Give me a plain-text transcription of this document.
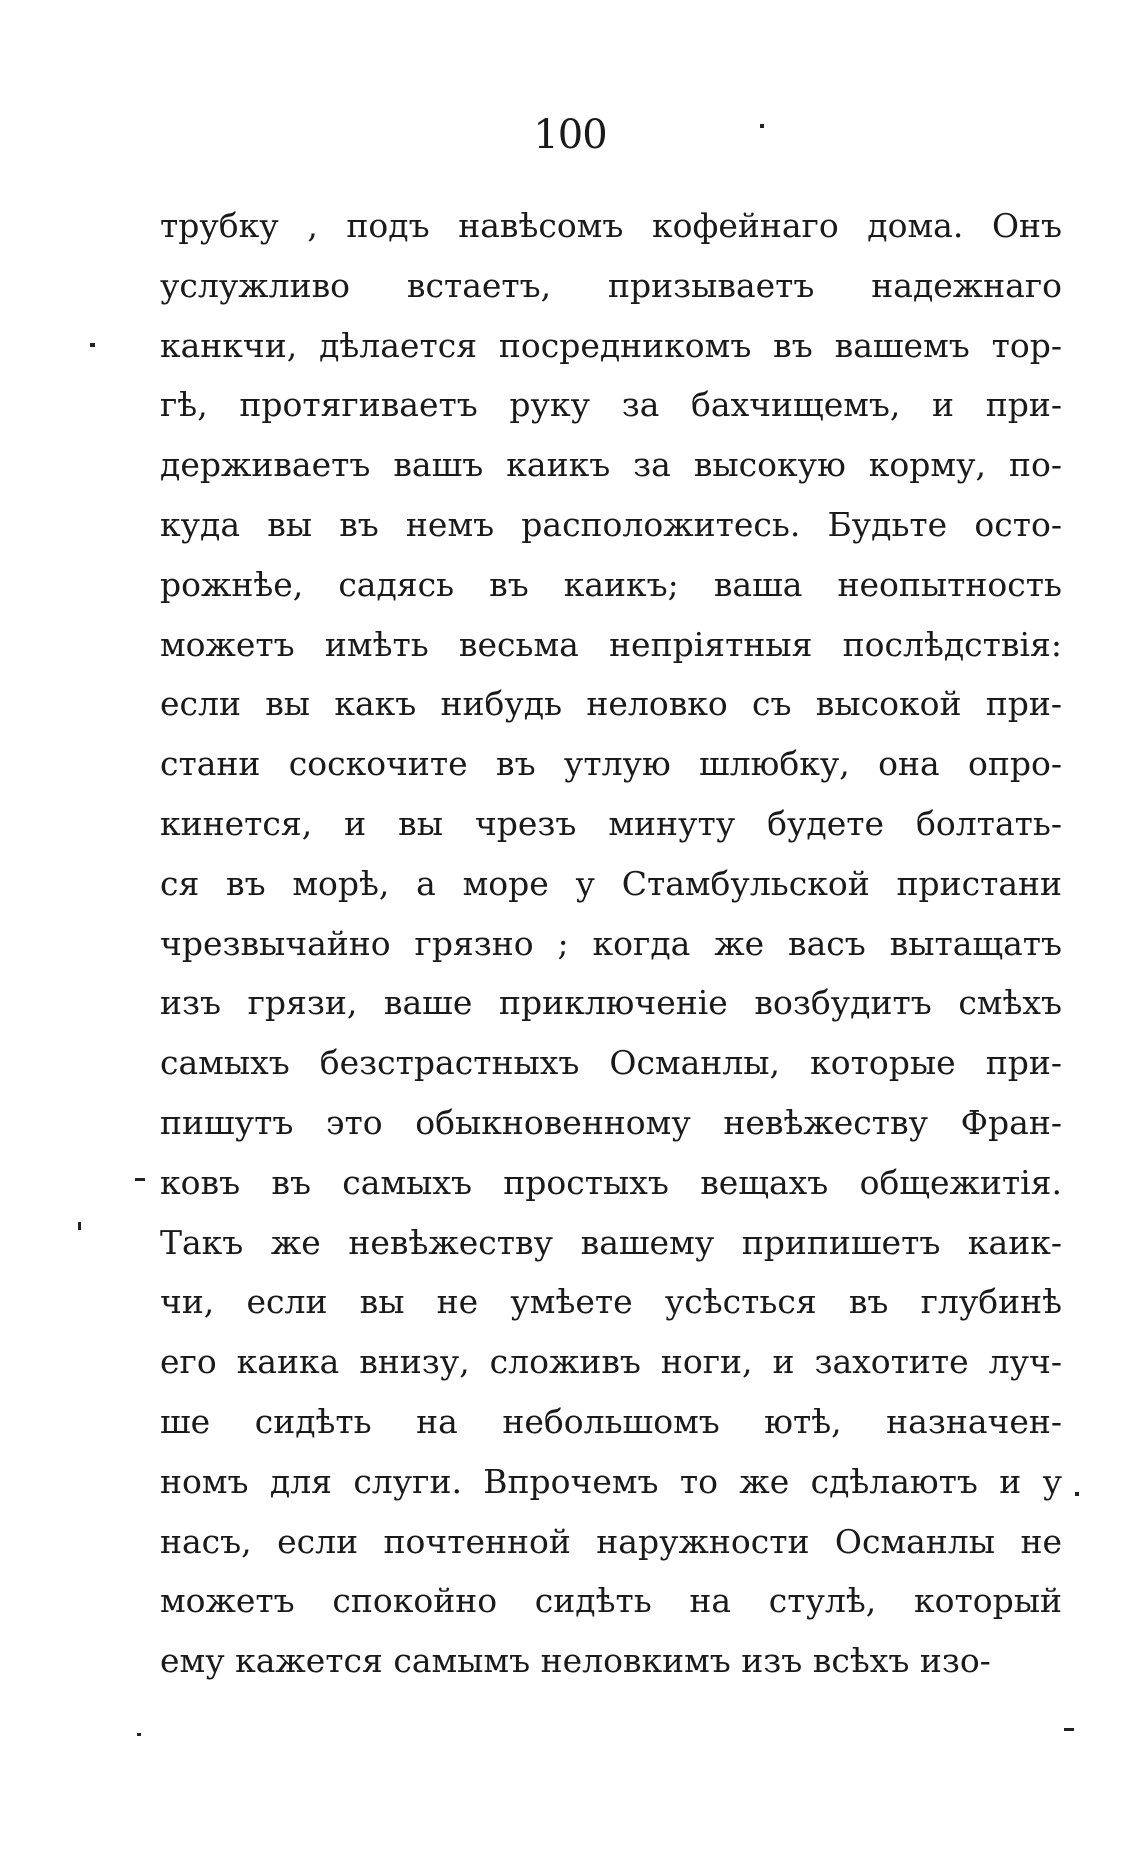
100
трубку , подъ навѣсомъ кофейнаго дома. Онъ
услужливо встаетъ, призываетъ надежнаго
канкчи, дѣлается посредникомъ въ вашемъ тор-
гѣ, протягиваетъ руку за бахчищемъ, и при-
держиваетъ вашъ каикъ за высокую корму, по-
куда вы въ немъ расположитесь. Будьте осто-
рожнѣе, садясь въ каикъ; ваша неопытность
можетъ имѣть весьма непріятныя послѣдствія:
если вы какъ нибудь неловко съ высокой при-
стани соскочите въ утлую шлюбку, она опро-
кинется, и вы чрезъ минуту будете болтать-
ся въ морѣ, а море у Стамбульской пристани
чрезвычайно грязно ; когда же васъ вытащатъ
изъ грязи, ваше приключеніе возбудитъ смѣхъ
самыхъ безстрастныхъ Османлы, которые при-
пишутъ это обыкновенному невѣжеству Фран-
ковъ въ самыхъ простыхъ вещахъ общежитія.
Такъ же невѣжеству вашему припишетъ каик-
чи, если вы не умѣете усѣсться въ глубинѣ
его каика внизу, сложивъ ноги, и захотите луч-
ше сидѣть на небольшомъ ютѣ, назначен-
номъ для слуги. Впрочемъ то же сдѣлаютъ и у
насъ, если почтенной наружности Османлы не
можетъ спокойно сидѣть на стулѣ, который
ему кажется самымъ неловкимъ изъ всѣхъ изо-
